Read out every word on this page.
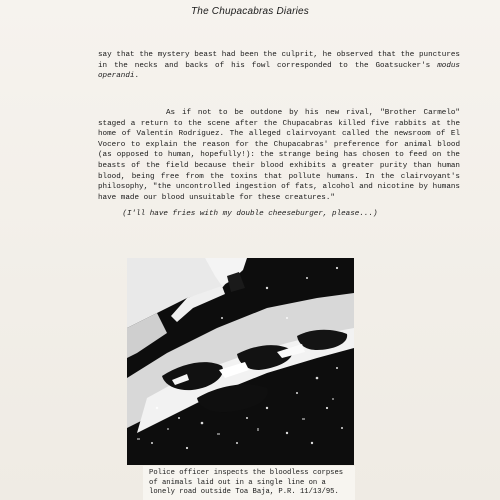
The Chupacabras Diaries

say that the mystery beast had been the culprit, he observed that the punctures in the necks and backs of his fowl corresponded to the Goatsucker's modus operandi.

As if not to be outdone by his new rival, "Brother Carmelo" staged a return to the scene after the Chupacabras killed five rabbits at the home of Valentín Rodríguez. The alleged clairvoyant called the newsroom of El Vocero to explain the reason for the Chupacabras' preference for animal blood (as opposed to human, hopefully!): the strange being has chosen to feed on the beasts of the field because their blood exhibits a greater purity than human blood, being free from the toxins that pollute humans. In the clairvoyant's philosophy, "the uncontrolled ingestion of fats, alcohol and nicotine by humans have made our blood unsuitable for these creatures."

(I'll have fries with my double cheeseburger, please...)

Police officer inspects the bloodless corpses of animals laid out in a single line on a lonely road outside Toa Baja, P.R. 11/13/95.
